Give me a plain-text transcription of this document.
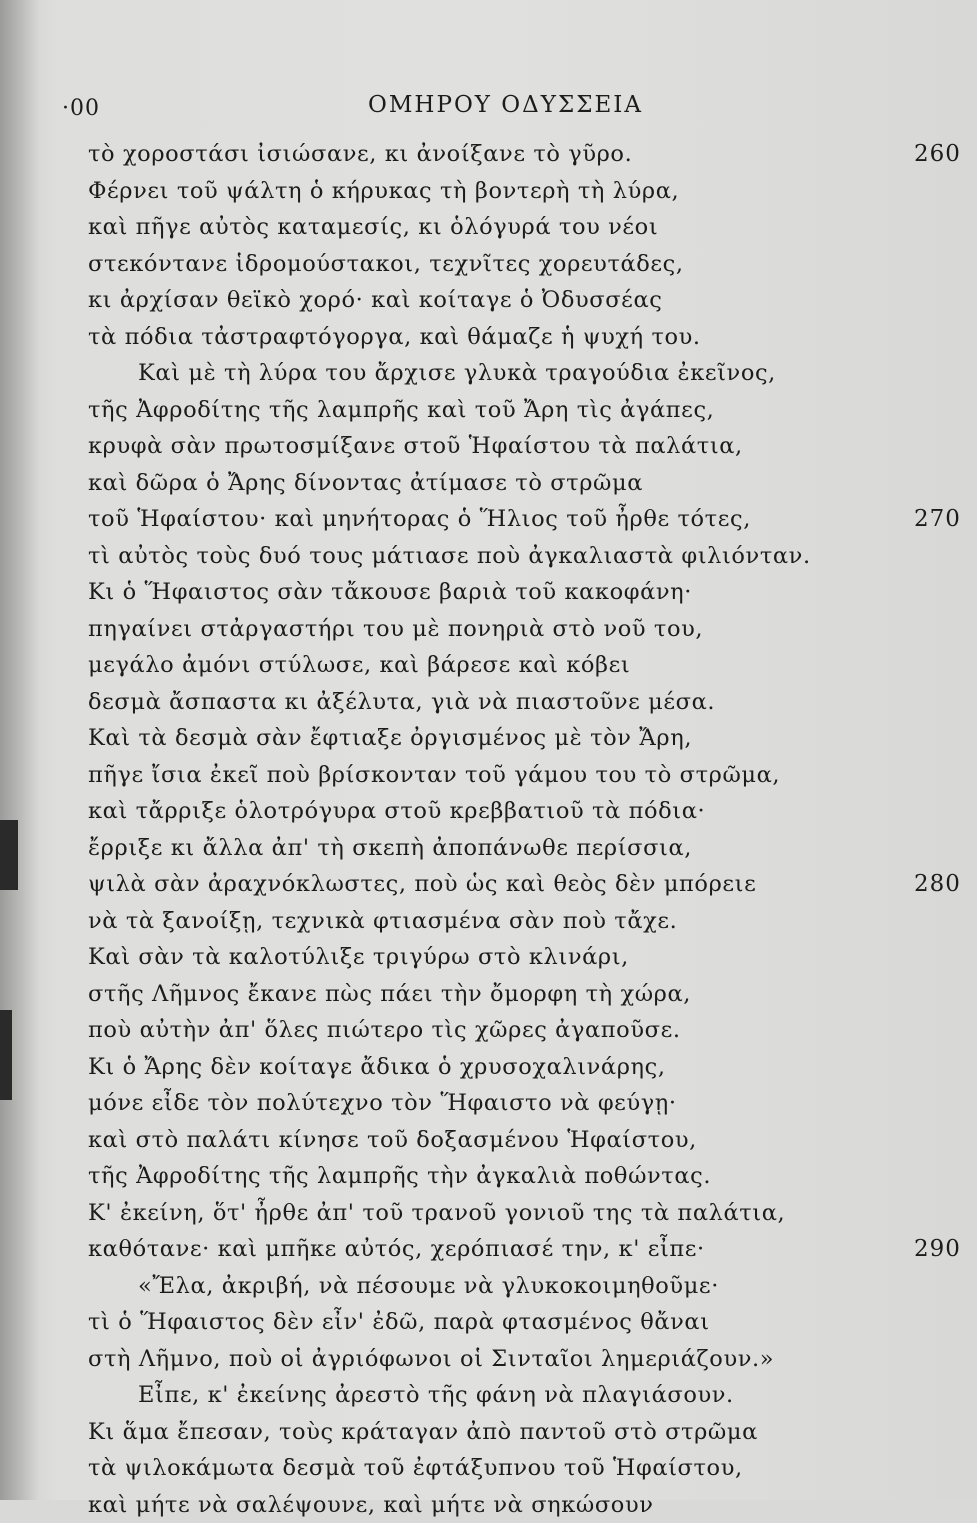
·00	ΟΜΗΡΟΥ ΟΔΥΣΣΕΙΑ
τὸ χοροστάσι ἰσιώσανε, κι ἀνοίξανε τὸ γῦρο.	260
Φέρνει τοῦ ψάλτη ὁ κήρυκας τὴ βοντερὴ τὴ λύρα,
καὶ πῆγε αὐτὸς καταμεσίς, κι ὁλόγυρά του νέοι
στεκόντανε ἱδρομούστακοι, τεχνῖτες χορευτάδες,
κι ἀρχίσαν θεϊκὸ χορό· καὶ κοίταγε ὁ Ὀδυσσέας
τὰ πόδια τἀστραφτόγοργα, καὶ θάμαζε ἡ ψυχή του.
Καὶ μὲ τὴ λύρα του ἄρχισε γλυκὰ τραγούδια ἐκεῖνος,
τῆς Ἀφροδίτης τῆς λαμπρῆς καὶ τοῦ Ἄρη τὶς ἀγάπες,
κρυφὰ σὰν πρωτοσμίξανε στοῦ Ἡφαίστου τὰ παλάτια,
καὶ δῶρα ὁ Ἄρης δίνοντας ἀτίμασε τὸ στρῶμα
τοῦ Ἡφαίστου· καὶ μηνήτορας ὁ Ἥλιος τοῦ ἦρθε τότες,	270
τὶ αὐτὸς τοὺς δυό τους μάτιασε ποὺ ἀγκαλιαστὰ φιλιόνταν.
Κι ὁ Ἥφαιστος σὰν τἄκουσε βαριὰ τοῦ κακοφάνη·
πηγαίνει στἀργαστήρι του μὲ πονηριὰ στὸ νοῦ του,
μεγάλο ἀμόνι στύλωσε, καὶ βάρεσε καὶ κόβει
δεσμὰ ἄσπαστα κι ἀξέλυτα, γιὰ νὰ πιαστοῦνε μέσα.
Καὶ τὰ δεσμὰ σὰν ἔφτιαξε ὀργισμένος μὲ τὸν Ἄρη,
πῆγε ἴσια ἐκεῖ ποὺ βρίσκονταν τοῦ γάμου του τὸ στρῶμα,
καὶ τἄρριξε ὁλοτρόγυρα στοῦ κρεββατιοῦ τὰ πόδια·
ἔρριξε κι ἄλλα ἀπ' τὴ σκεπὴ ἀποπάνωθε περίσσια,
ψιλὰ σὰν ἀραχνόκλωστες, ποὺ ὡς καὶ θεὸς δὲν μπόρειε	280
νὰ τὰ ξανοίξῃ, τεχνικὰ φτιασμένα σὰν ποὺ τἄχε.
Καὶ σὰν τὰ καλοτύλιξε τριγύρω στὸ κλινάρι,
στῆς Λῆμνος ἔκανε πὼς πάει τὴν ὄμορφη τὴ χώρα,
ποὺ αὐτὴν ἀπ' ὅλες πιώτερο τὶς χῶρες ἀγαποῦσε.
Κι ὁ Ἄρης δὲν κοίταγε ἄδικα ὁ χρυσοχαλινάρης,
μόνε εἶδε τὸν πολύτεχνο τὸν Ἥφαιστο νὰ φεύγῃ·
καὶ στὸ παλάτι κίνησε τοῦ δοξασμένου Ἡφαίστου,
τῆς Ἀφροδίτης τῆς λαμπρῆς τὴν ἀγκαλιὰ ποθώντας.
Κ' ἐκείνη, ὅτ' ἦρθε ἀπ' τοῦ τρανοῦ γονιοῦ της τὰ παλάτια,
καθότανε· καὶ μπῆκε αὐτός, χερόπιασέ την, κ' εἶπε·	290
«Ἔλα, ἀκριβή, νὰ πέσουμε νὰ γλυκοκοιμηθοῦμε·
τὶ ὁ Ἥφαιστος δὲν εἶν' ἐδῶ, παρὰ φτασμένος θἄναι
στὴ Λῆμνο, ποὺ οἱ ἀγριόφωνοι οἱ Σινταῖοι λημεριάζουν.»
Εἶπε, κ' ἐκείνης ἀρεστὸ τῆς φάνη νὰ πλαγιάσουν.
Κι ἅμα ἔπεσαν, τοὺς κράταγαν ἀπὸ παντοῦ στὸ στρῶμα
τὰ ψιλοκάμωτα δεσμὰ τοῦ ἐφτάξυπνου τοῦ Ἡφαίστου,
καὶ μήτε νὰ σαλέψουνε, καὶ μήτε νὰ σηκώσουν
